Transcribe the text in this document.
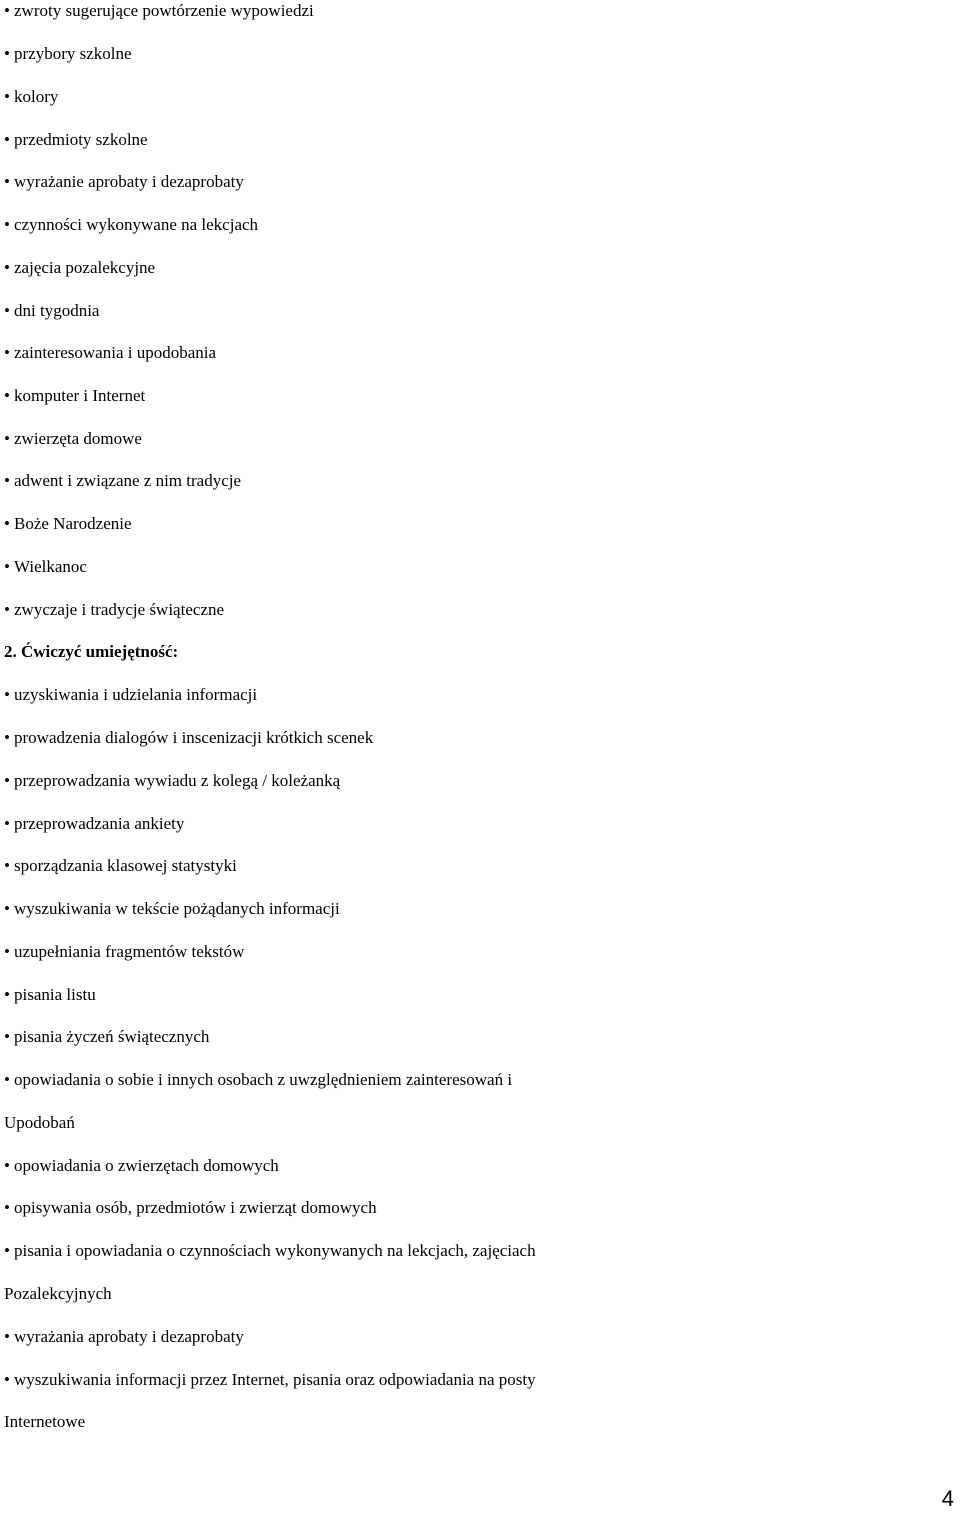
• zwroty sugerujące powtórzenie wypowiedzi
• przybory szkolne
• kolory
• przedmioty szkolne
• wyrażanie aprobaty i dezaprobaty
• czynności wykonywane na lekcjach
• zajęcia pozalekcyjne
• dni tygodnia
• zainteresowania i upodobania
• komputer i Internet
• zwierzęta domowe
• adwent i związane z nim tradycje
• Boże Narodzenie
• Wielkanoc
• zwyczaje i tradycje świąteczne
2. Ćwiczyć umiejętność:
• uzyskiwania i udzielania informacji
• prowadzenia dialogów i inscenizacji krótkich scenek
• przeprowadzania wywiadu z kolegą / koleżanką
• przeprowadzania ankiety
• sporządzania klasowej statystyki
• wyszukiwania w tekście pożądanych informacji
• uzupełniania fragmentów tekstów
• pisania listu
• pisania życzeń świątecznych
• opowiadania o sobie i innych osobach z uwzględnieniem zainteresowań i
Upodobań
• opowiadania o zwierzętach domowych
• opisywania osób, przedmiotów i zwierząt domowych
• pisania i opowiadania o czynnościach wykonywanych na lekcjach, zajęciach
Pozalekcyjnych
• wyrażania aprobaty i dezaprobaty
• wyszukiwania informacji przez Internet, pisania oraz odpowiadania na posty
Internetowe
4
